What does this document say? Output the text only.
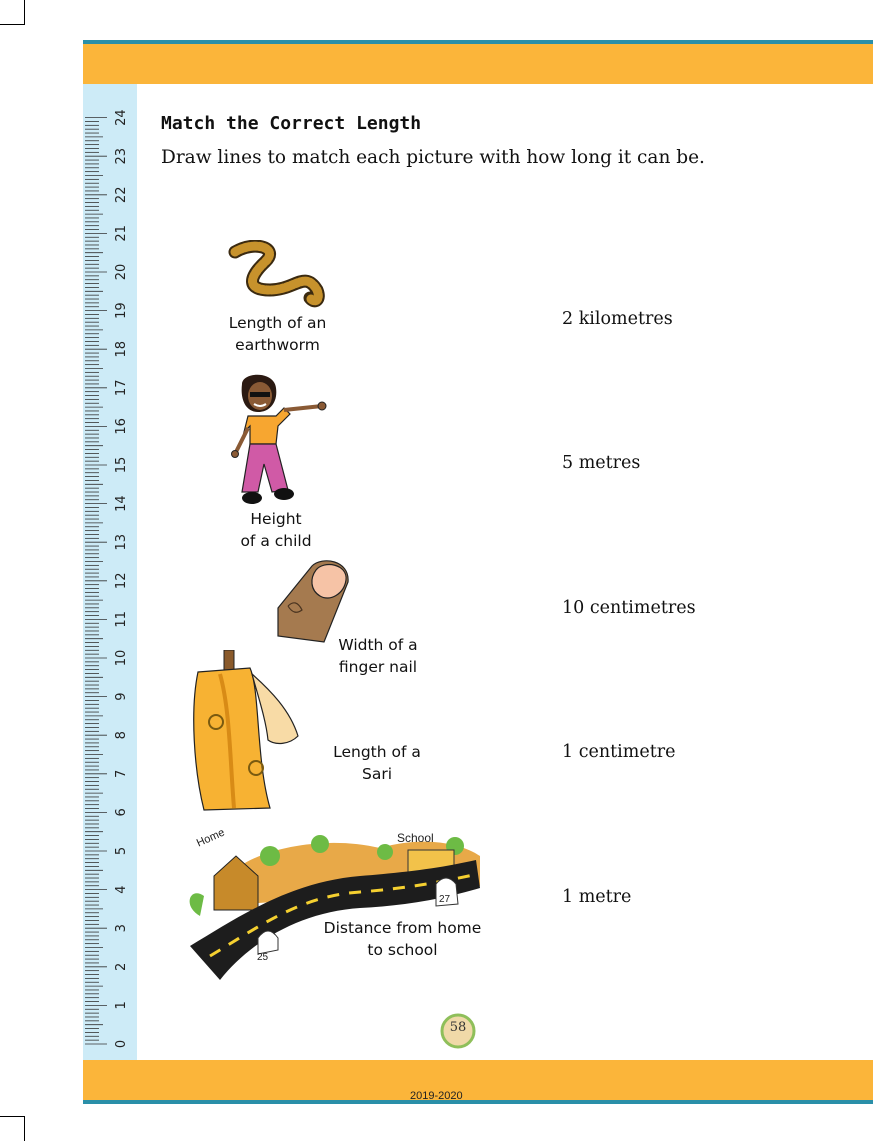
0
1
2
3
4
5
6
7
8
9
10
11
12
13
14
15
16
17
18
19
20
21
22
23
24 Match the Correct Length
Draw lines to match each picture with how long it can be.
Length of an
earthworm
Height
of a child
Width of a
finger nail
Length of a
Sari
Home	School
25
27
Distance from home
to school
2 kilometres
5 metres
10 centimetres
1 centimetre
1 metre
58
2019-2020
